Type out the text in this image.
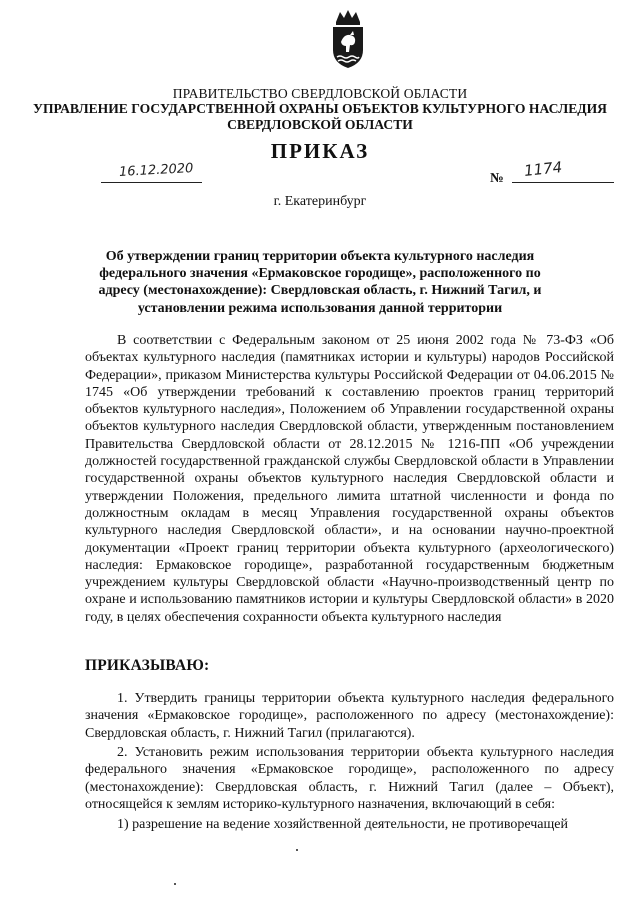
ПРАВИТЕЛЬСТВО СВЕРДЛОВСКОЙ ОБЛАСТИ
УПРАВЛЕНИЕ ГОСУДАРСТВЕННОЙ ОХРАНЫ ОБЪЕКТОВ КУЛЬТУРНОГО НАСЛЕДИЯ
СВЕРДЛОВСКОЙ ОБЛАСТИ
ПРИКАЗ
16.12.2020	№ 1174
г. Екатеринбург
Об утверждении границ территории объекта культурного наследия федерального значения «Ермаковское городище», расположенного по адресу (местонахождение): Свердловская область, г. Нижний Тагил, и установлении режима использования данной территории
В соответствии с Федеральным законом от 25 июня 2002 года № 73-ФЗ «Об объектах культурного наследия (памятниках истории и культуры) народов Российской Федерации», приказом Министерства культуры Российской Федерации от 04.06.2015 № 1745 «Об утверждении требований к составлению проектов границ территорий объектов культурного наследия», Положением об Управлении государственной охраны объектов культурного наследия Свердловской области, утвержденным постановлением Правительства Свердловской области от 28.12.2015 № 1216-ПП «Об учреждении должностей государственной гражданской службы Свердловской области в Управлении государственной охраны объектов культурного наследия Свердловской области и утверждении Положения, предельного лимита штатной численности и фонда по должностным окладам в месяц Управления государственной охраны объектов культурного наследия Свердловской области», и на основании научно-проектной документации «Проект границ территории объекта культурного (археологического) наследия: Ермаковское городище», разработанной государственным бюджетным учреждением культуры Свердловской области «Научно-производственный центр по охране и использованию памятников истории и культуры Свердловской области» в 2020 году, в целях обеспечения сохранности объекта культурного наследия
ПРИКАЗЫВАЮ:
1. Утвердить границы территории объекта культурного наследия федерального значения «Ермаковское городище», расположенного по адресу (местонахождение): Свердловская область, г. Нижний Тагил (прилагаются).
2. Установить режим использования территории объекта культурного наследия федерального значения «Ермаковское городище», расположенного по адресу (местонахождение): Свердловская область, г. Нижний Тагил (далее – Объект), относящейся к землям историко-культурного назначения, включающий в себя:
1) разрешение на ведение хозяйственной деятельности, не противоречащей
